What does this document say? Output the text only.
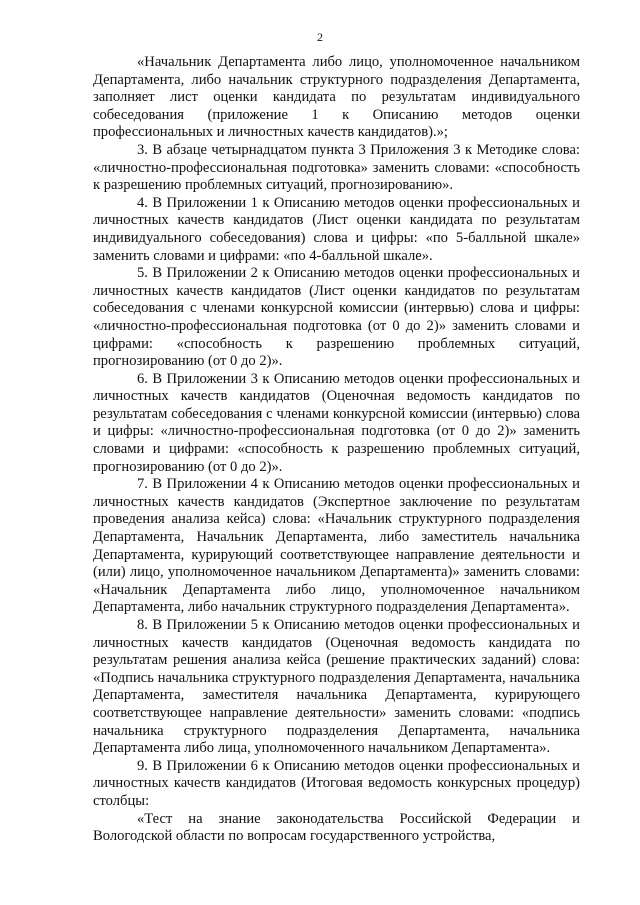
2

«Начальник Департамента либо лицо, уполномоченное начальником Департамента, либо начальник структурного подразделения Департамента, заполняет лист оценки кандидата по результатам индивидуального собеседования (приложение 1 к Описанию методов оценки профессиональных и личностных качеств кандидатов).»;

3. В абзаце четырнадцатом пункта 3 Приложения 3 к Методике слова: «личностно-профессиональная подготовка» заменить словами: «способность к разрешению проблемных ситуаций, прогнозированию».

4. В Приложении 1 к Описанию методов оценки профессиональных и личностных качеств кандидатов (Лист оценки кандидата по результатам индивидуального собеседования) слова и цифры: «по 5-балльной шкале» заменить словами и цифрами: «по 4-балльной шкале».

5. В Приложении 2 к Описанию методов оценки профессиональных и личностных качеств кандидатов (Лист оценки кандидатов по результатам собеседования с членами конкурсной комиссии (интервью) слова и цифры: «личностно-профессиональная подготовка (от 0 до 2)» заменить словами и цифрами: «способность к разрешению проблемных ситуаций, прогнозированию (от 0 до 2)».

6. В Приложении 3 к Описанию методов оценки профессиональных и личностных качеств кандидатов (Оценочная ведомость кандидатов по результатам собеседования с членами конкурсной комиссии (интервью) слова и цифры: «личностно-профессиональная подготовка (от 0 до 2)» заменить словами и цифрами: «способность к разрешению проблемных ситуаций, прогнозированию (от 0 до 2)».

7. В Приложении 4 к Описанию методов оценки профессиональных и личностных качеств кандидатов (Экспертное заключение по результатам проведения анализа кейса) слова: «Начальник структурного подразделения Департамента, Начальник Департамента, либо заместитель начальника Департамента, курирующий соответствующее направление деятельности и (или) лицо, уполномоченное начальником Департамента)» заменить словами: «Начальник Департамента либо лицо, уполномоченное начальником Департамента, либо начальник структурного подразделения Департамента».

8. В Приложении 5 к Описанию методов оценки профессиональных и личностных качеств кандидатов (Оценочная ведомость кандидата по результатам решения анализа кейса (решение практических заданий) слова: «Подпись начальника структурного подразделения Департамента, начальника Департамента, заместителя начальника Департамента, курирующего соответствующее направление деятельности» заменить словами: «подпись начальника структурного подразделения Департамента, начальника Департамента либо лица, уполномоченного начальником Департамента».

9. В Приложении 6 к Описанию методов оценки профессиональных и личностных качеств кандидатов (Итоговая ведомость конкурсных процедур) столбцы:

«Тест на знание законодательства Российской Федерации и Вологодской области по вопросам государственного устройства,
